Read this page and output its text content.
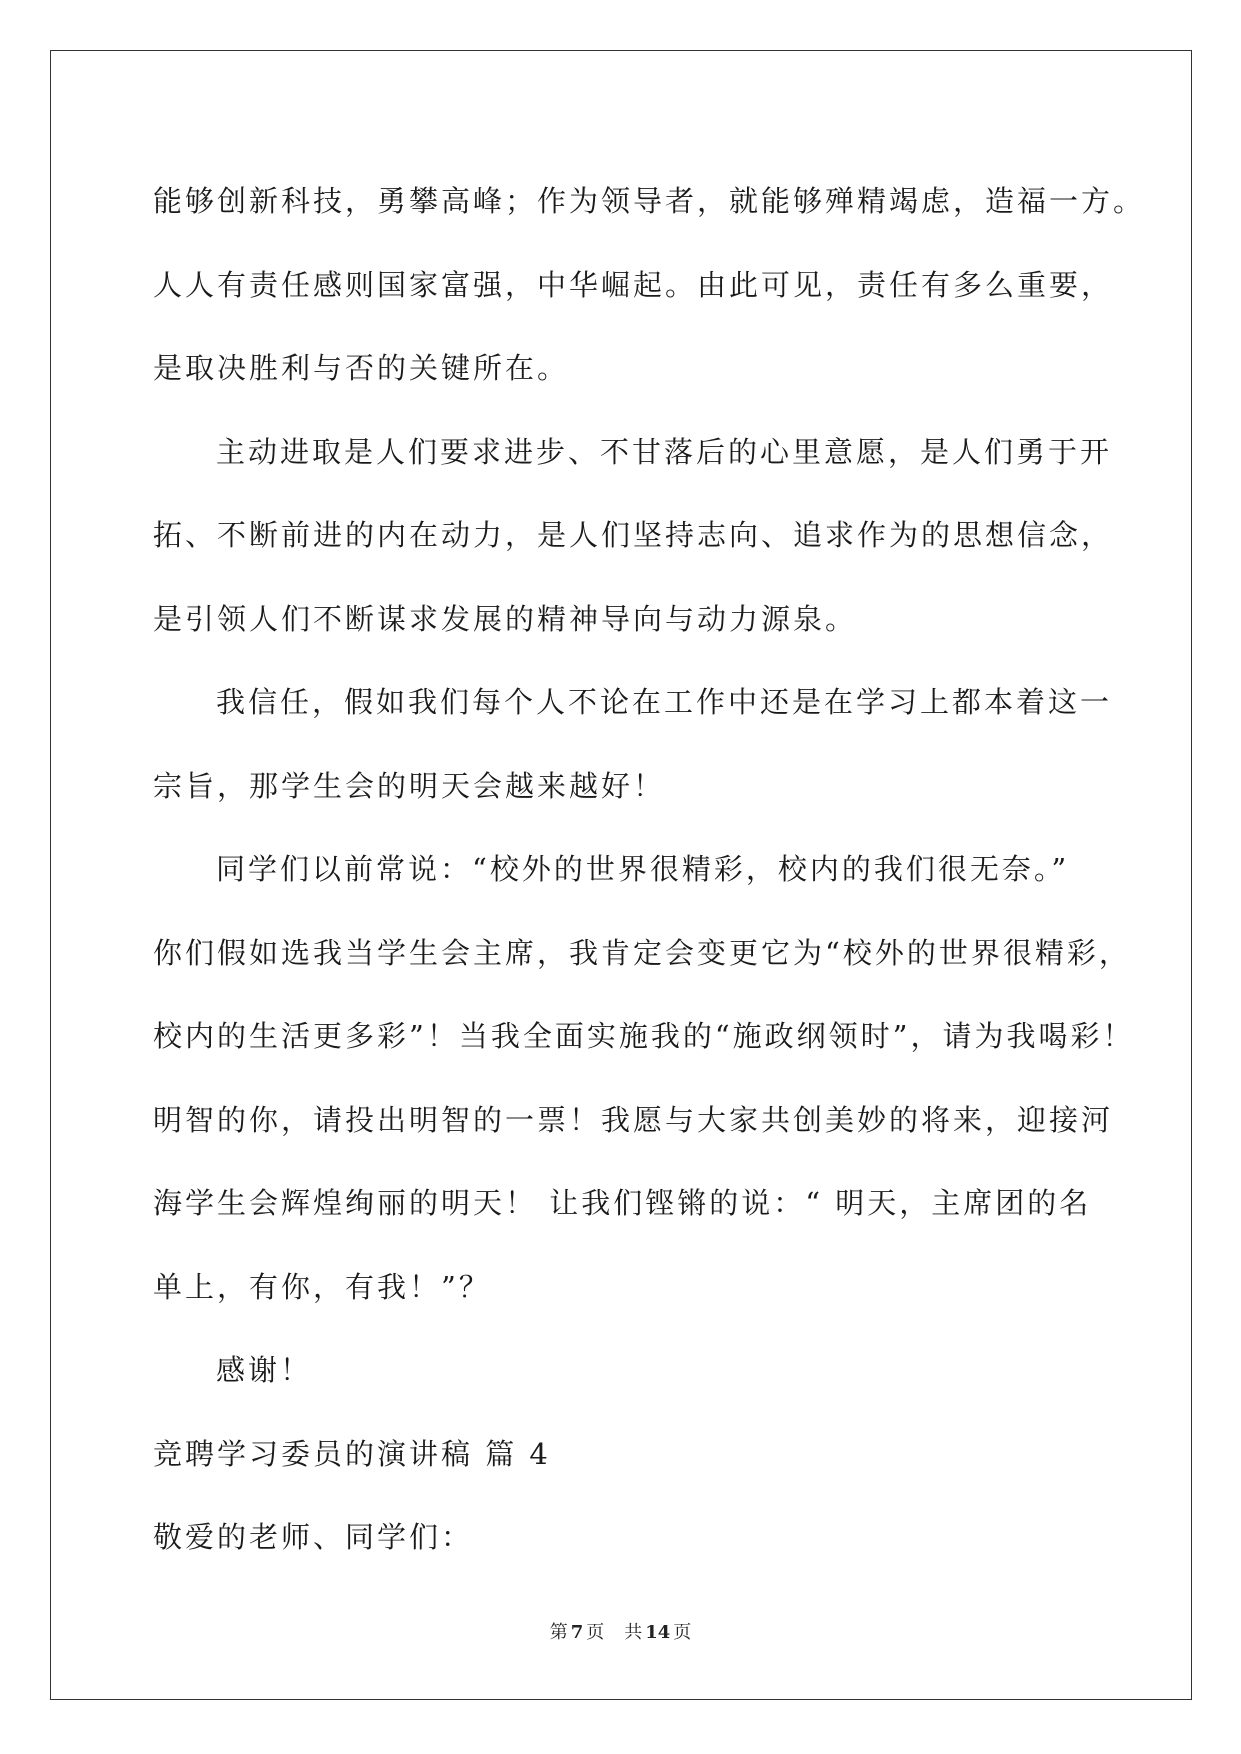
能够创新科技，勇攀高峰；作为领导者，就能够殚精竭虑，造福一方。

人人有责任感则国家富强，中华崛起。由此可见，责任有多么重要，

是取决胜利与否的关键所在。

主动进取是人们要求进步、不甘落后的心里意愿，是人们勇于开

拓、不断前进的内在动力，是人们坚持志向、追求作为的思想信念，

是引领人们不断谋求发展的精神导向与动力源泉。

我信任，假如我们每个人不论在工作中还是在学习上都本着这一

宗旨，那学生会的明天会越来越好！

同学们以前常说：“校外的世界很精彩，校内的我们很无奈。”

你们假如选我当学生会主席，我肯定会变更它为“校外的世界很精彩，

校内的生活更多彩”！当我全面实施我的“施政纲领时”，请为我喝彩！

明智的你，请投出明智的一票！我愿与大家共创美妙的将来，迎接河

海学生会辉煌绚丽的明天！ 让我们铿锵的说：“ 明天，主席团的名

单上，有你，有我！”？

感谢！

竞聘学习委员的演讲稿 篇 4

敬爱的老师、同学们：

第 7 页 共 14 页
